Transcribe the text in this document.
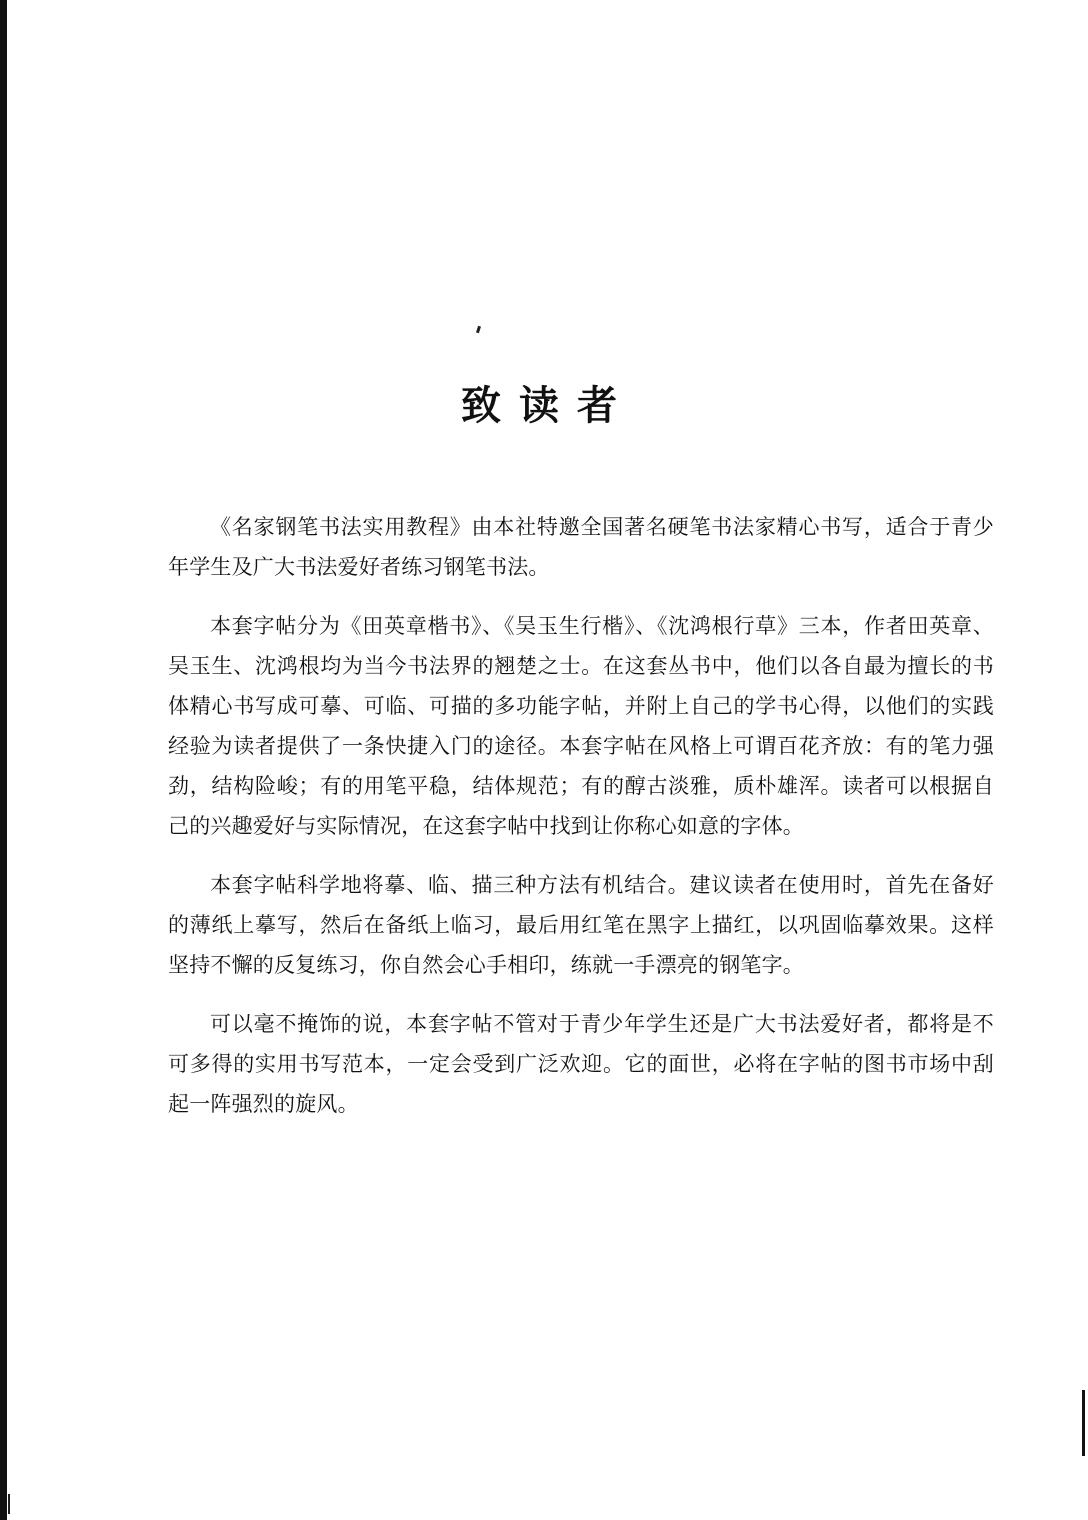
致读者

《名家钢笔书法实用教程》由本社特邀全国著名硬笔书法家精心书写，适合于青少年学生及广大书法爱好者练习钢笔书法。

本套字帖分为《田英章楷书》、《吴玉生行楷》、《沈鸿根行草》三本，作者田英章、吴玉生、沈鸿根均为当今书法界的翘楚之士。在这套丛书中，他们以各自最为擅长的书体精心书写成可摹、可临、可描的多功能字帖，并附上自己的学书心得，以他们的实践经验为读者提供了一条快捷入门的途径。本套字帖在风格上可谓百花齐放：有的笔力强劲，结构险峻；有的用笔平稳，结体规范；有的醇古淡雅，质朴雄浑。读者可以根据自己的兴趣爱好与实际情况，在这套字帖中找到让你称心如意的字体。

本套字帖科学地将摹、临、描三种方法有机结合。建议读者在使用时，首先在备好的薄纸上摹写，然后在备纸上临习，最后用红笔在黑字上描红，以巩固临摹效果。这样坚持不懈的反复练习，你自然会心手相印，练就一手漂亮的钢笔字。

可以毫不掩饰的说，本套字帖不管对于青少年学生还是广大书法爱好者，都将是不可多得的实用书写范本，一定会受到广泛欢迎。它的面世，必将在字帖的图书市场中刮起一阵强烈的旋风。
